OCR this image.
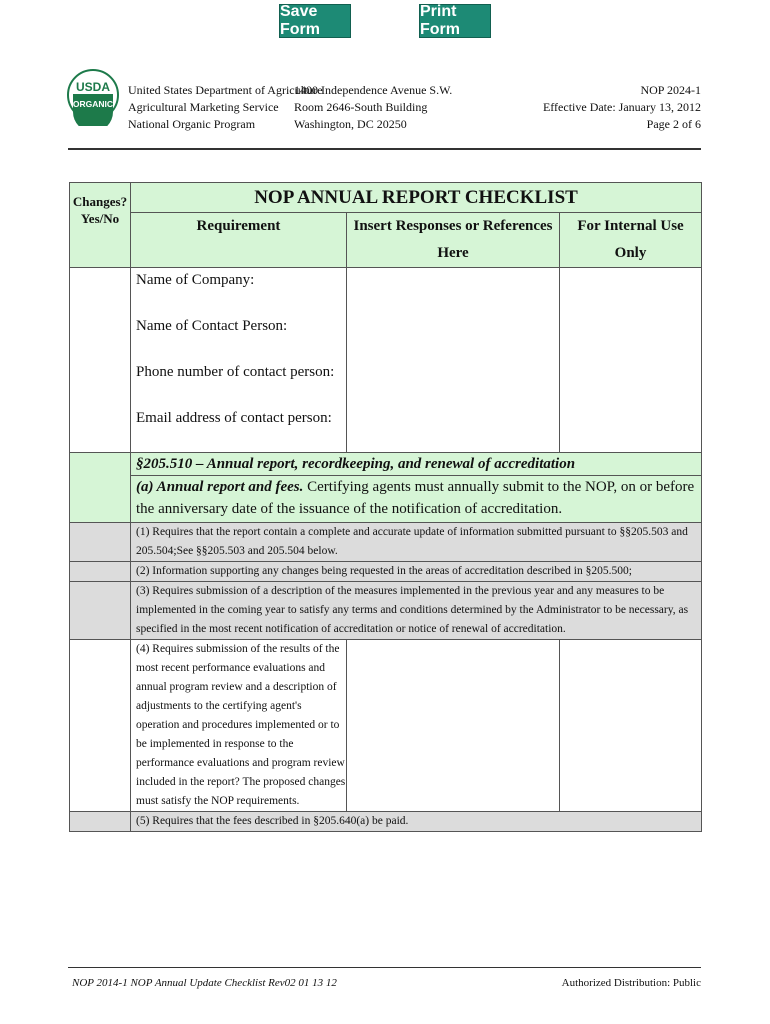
Save Form
Print Form
USDA
ORGANIC
United States Department of Agriculture
Agricultural Marketing Service
National Organic Program
1400 Independence Avenue S.W.
Room 2646-South Building
Washington, DC 20250
NOP 2024-1
Effective Date: January 13, 2012
Page 2 of 6
Changes?
Yes/No	NOP ANNUAL REPORT CHECKLIST		
	Requirement	Insert Responses or References Here	For Internal Use Only

	Name of Company:
Name of Contact Person:
Phone number of contact person:
Email address of contact person:		

	§205.510 – Annual report, recordkeeping, and renewal of accreditation		
	(a) Annual report and fees. Certifying agents must annually submit to the NOP, on or before the anniversary date of the issuance of the notification of accreditation.		
	(1) Requires that the report contain a complete and accurate update of information submitted pursuant to §§205.503 and 205.504;See §§205.503 and 205.504 below.		
	(2) Information supporting any changes being requested in the areas of accreditation described in §205.500;		
	(3) Requires submission of a description of the measures implemented in the previous year and any measures to be implemented in the coming year to satisfy any terms and conditions determined by the Administrator to be necessary, as specified in the most recent notification of accreditation or notice of renewal of accreditation.		
	(4) Requires submission of the results of the most recent performance evaluations and annual program review and a description of adjustments to the certifying agent's operation and procedures implemented or to be implemented in response to the performance evaluations and program review included in the report? The proposed changes must satisfy the NOP requirements.		
	(5) Requires that the fees described in §205.640(a) be paid.		
NOP 2014-1 NOP Annual Update Checklist Rev02 01 13 12	Authorized Distribution: Public
